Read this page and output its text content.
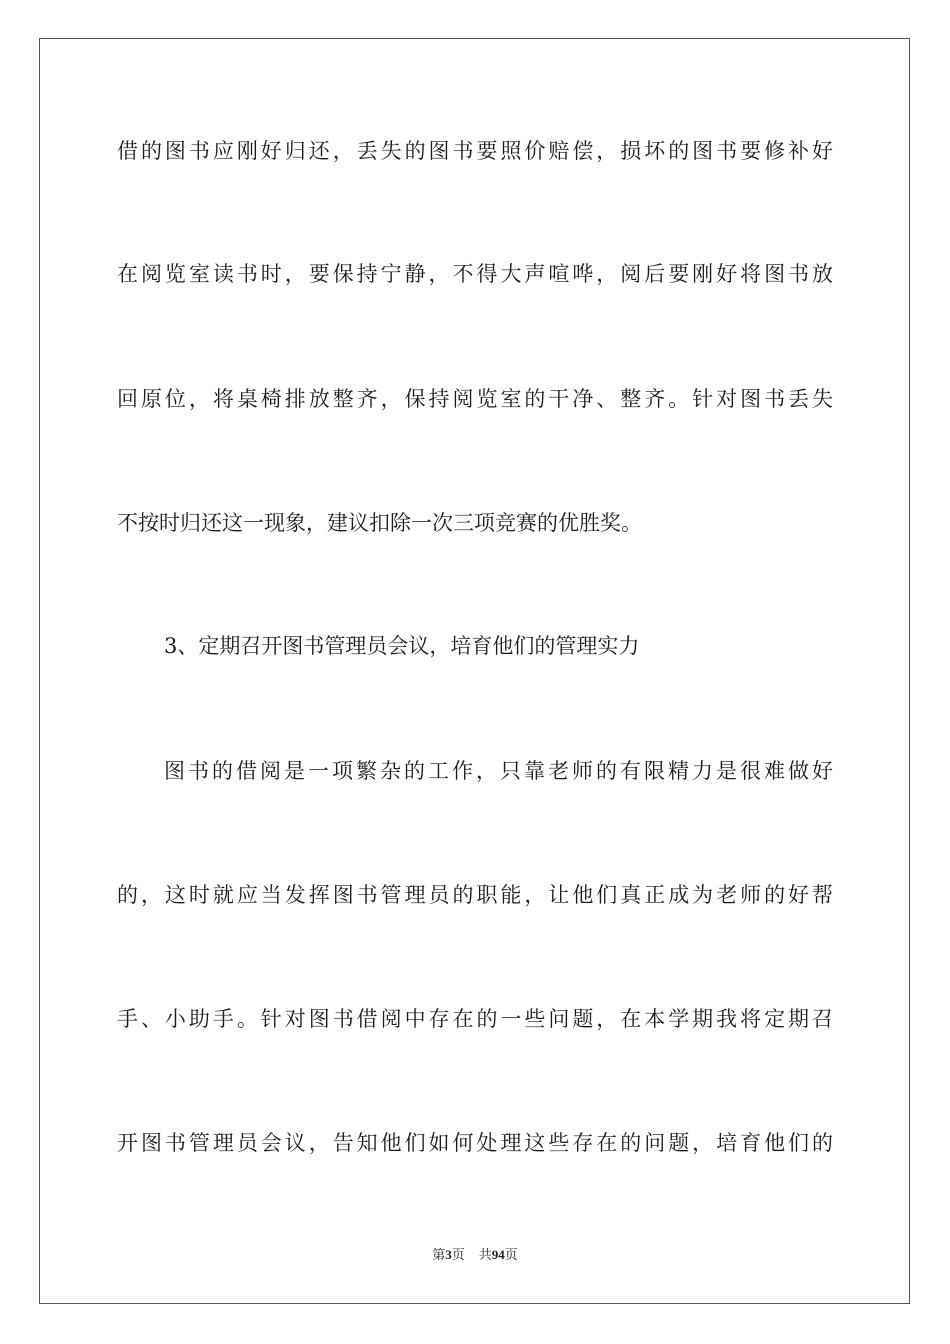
借的图书应刚好归还，丢失的图书要照价赔偿，损坏的图书要修补好
在阅览室读书时，要保持宁静，不得大声喧哗，阅后要刚好将图书放
回原位，将桌椅排放整齐，保持阅览室的干净、整齐。针对图书丢失
不按时归还这一现象，建议扣除一次三项竞赛的优胜奖。
3、定期召开图书管理员会议，培育他们的管理实力
图书的借阅是一项繁杂的工作，只靠老师的有限精力是很难做好
的，这时就应当发挥图书管理员的职能，让他们真正成为老师的好帮
手、小助手。针对图书借阅中存在的一些问题，在本学期我将定期召
开图书管理员会议，告知他们如何处理这些存在的问题，培育他们的
第3页 共94页
